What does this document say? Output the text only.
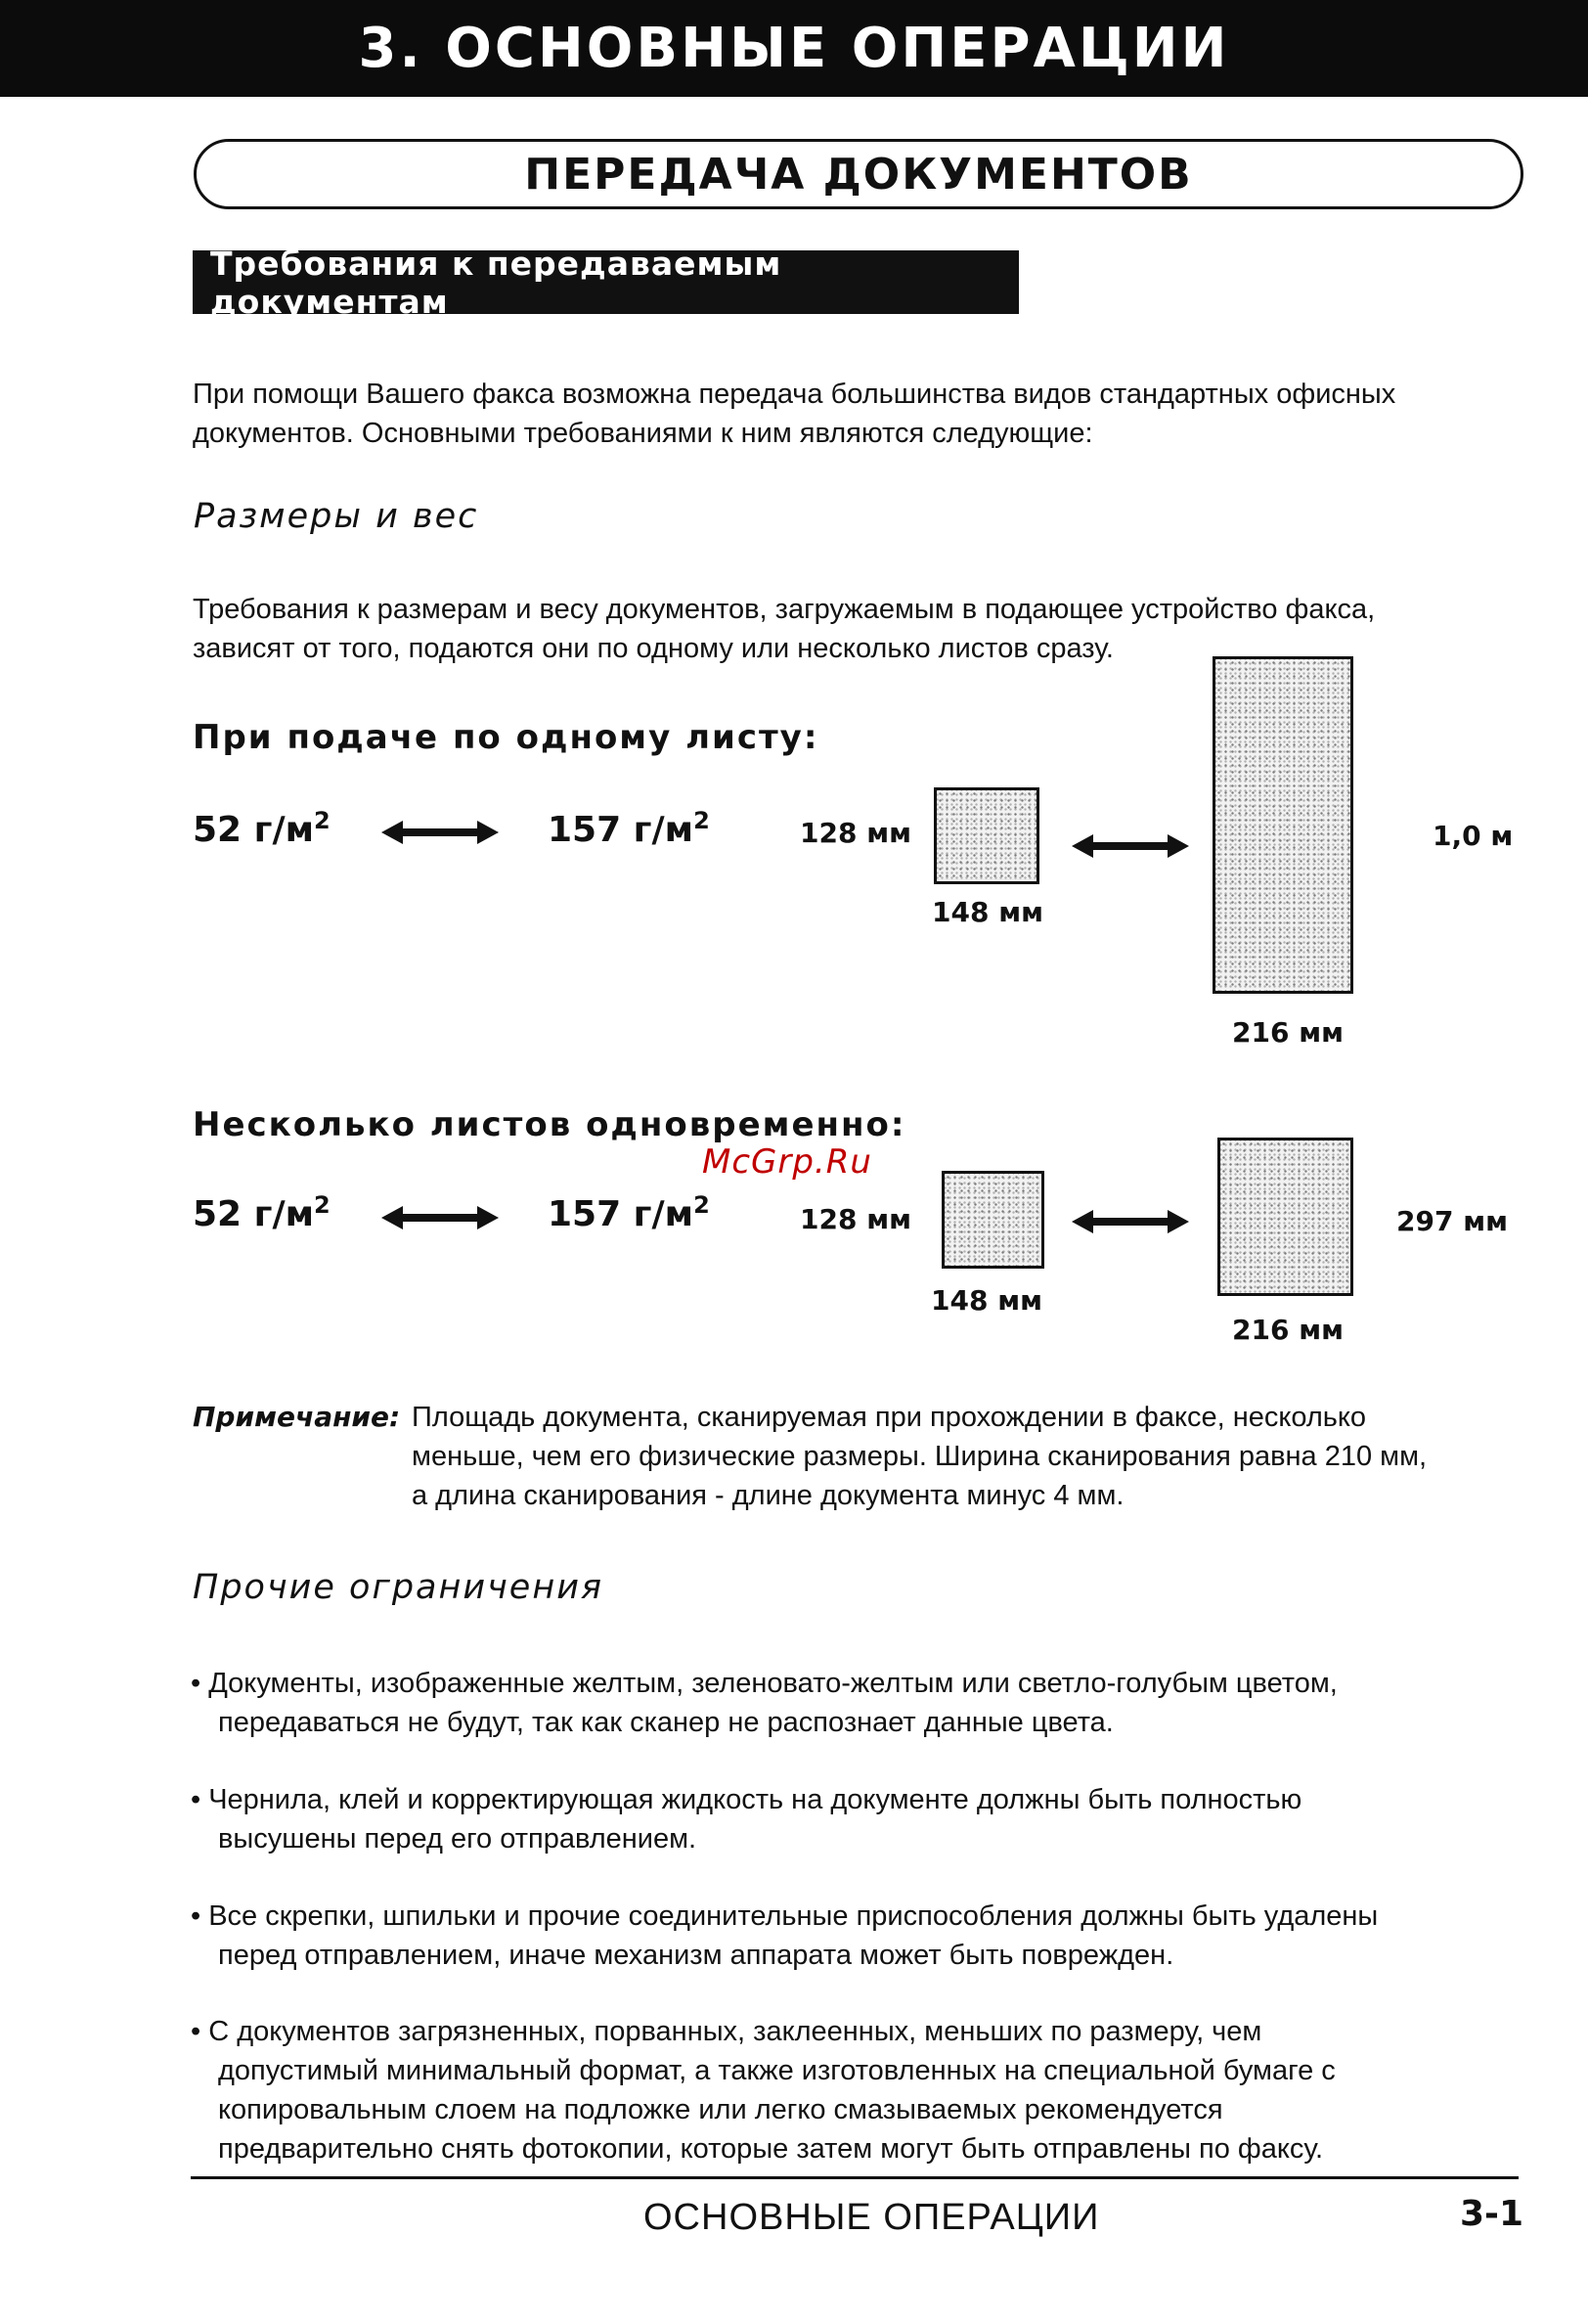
3. ОСНОВНЫЕ ОПЕРАЦИИ
ПЕРЕДАЧА ДОКУМЕНТОВ
Требования к передаваемым документам
При помощи Вашего факса возможна передача большинства видов стандартных офисных
документов. Основными требованиями к ним являются следующие:
Размеры и вес
Требования к размерам и весу документов, загружаемым в подающее устройство факса,
зависят от того, подаются они по одному или несколько листов сразу.
При подаче по одному листу:
52 $г/м^2$	157 $г/м^2$	128 мм
148 мм
216 мм
1,0 м
Несколько листов одновременно:
McGrp.Ru
52 $г/м^2$	157 $г/м^2$	128 мм
148 мм
216 мм
297 мм
Примечание: Площадь документа, сканируемая при прохождении в факсе, несколько
меньше, чем его физические размеры. Ширина сканирования равна 210 мм,
а длина сканирования - длине документа минус 4 мм.
Прочие ограничения
• Документы, изображенные желтым, зеленовато-желтым или светло-голубым цветом,
передаваться не будут, так как сканер не распознает данные цвета.
• Чернила, клей и корректирующая жидкость на документе должны быть полностью
высушены перед его отправлением.
• Все скрепки, шпильки и прочие соединительные приспособления должны быть удалены
перед отправлением, иначе механизм аппарата может быть поврежден.
• С документов загрязненных, порванных, заклеенных, меньших по размеру, чем
допустимый минимальный формат, а также изготовленных на специальной бумаге с
копировальным слоем на подложке или легко смазываемых рекомендуется
предварительно снять фотокопии, которые затем могут быть отправлены по факсу.
ОСНОВНЫЕ ОПЕРАЦИИ	3-1
